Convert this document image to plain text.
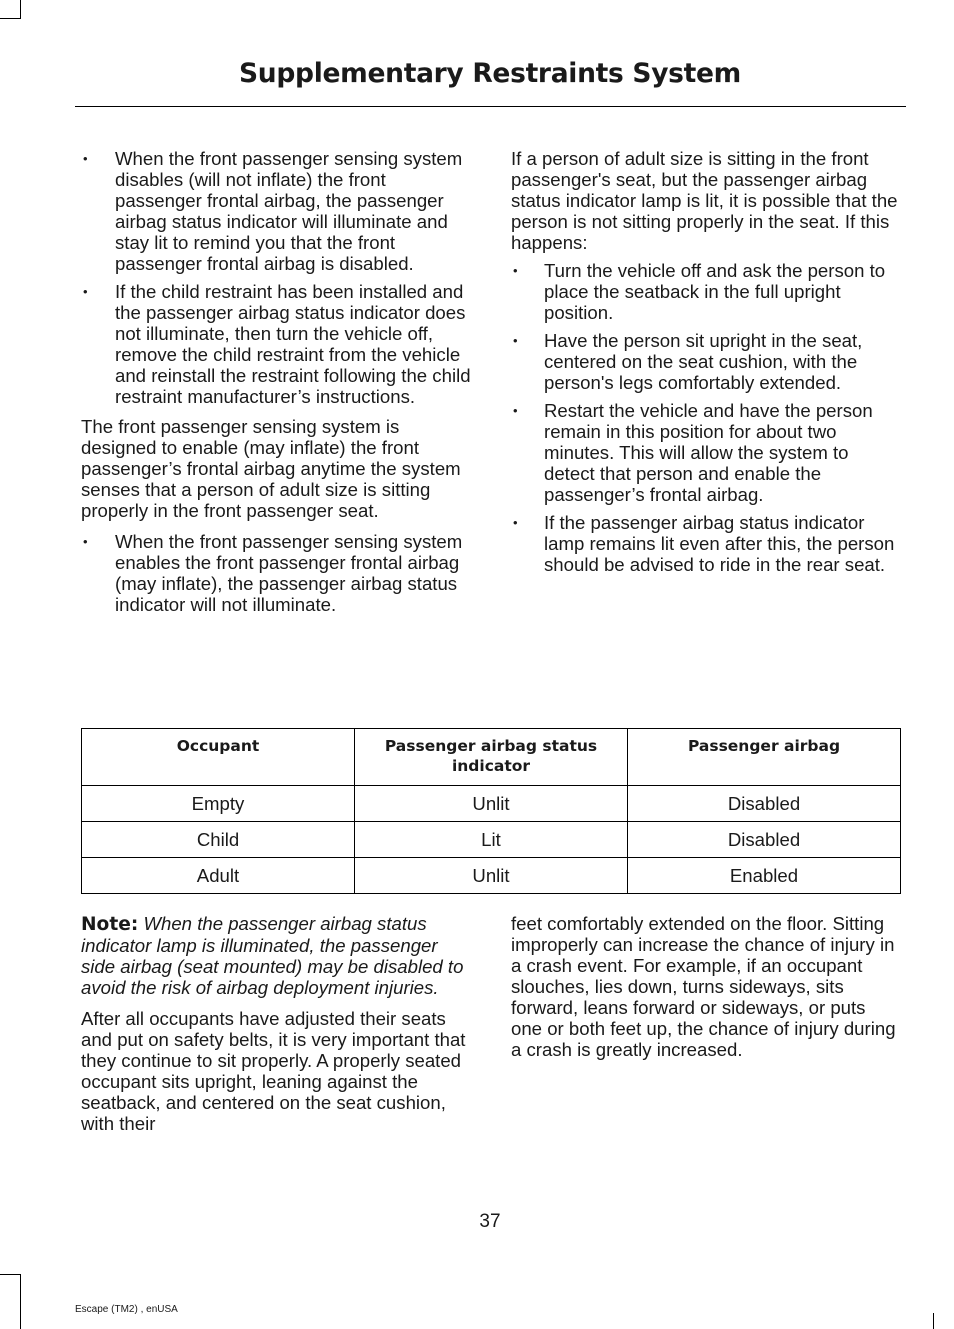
Supplementary Restraints System
• When the front passenger sensing system disables (will not inflate) the front passenger frontal airbag, the passenger airbag status indicator will illuminate and stay lit to remind you that the front passenger frontal airbag is disabled.
• If the child restraint has been installed and the passenger airbag status indicator does not illuminate, then turn the vehicle off, remove the child restraint from the vehicle and reinstall the restraint following the child restraint manufacturer’s instructions.

The front passenger sensing system is designed to enable (may inflate) the front passenger’s frontal airbag anytime the system senses that a person of adult size is sitting properly in the front passenger seat.

• When the front passenger sensing system enables the front passenger frontal airbag (may inflate), the passenger airbag status indicator will not illuminate.

If a person of adult size is sitting in the front passenger's seat, but the passenger airbag status indicator lamp is lit, it is possible that the person is not sitting properly in the seat. If this happens:

• Turn the vehicle off and ask the person to place the seatback in the full upright position.
• Have the person sit upright in the seat, centered on the seat cushion, with the person's legs comfortably extended.
• Restart the vehicle and have the person remain in this position for about two minutes. This will allow the system to detect that person and enable the passenger’s frontal airbag.
• If the passenger airbag status indicator lamp remains lit even after this, the person should be advised to ride in the rear seat.
Occupant	Passenger airbag status indicator	Passenger airbag
Empty	Unlit	Disabled
Child	Lit	Disabled
Adult	Unlit	Enabled

Note: When the passenger airbag status indicator lamp is illuminated, the passenger side airbag (seat mounted) may be disabled to avoid the risk of airbag deployment injuries.

After all occupants have adjusted their seats and put on safety belts, it is very important that they continue to sit properly. A properly seated occupant sits upright, leaning against the seatback, and centered on the seat cushion, with their

feet comfortably extended on the floor. Sitting improperly can increase the chance of injury in a crash event. For example, if an occupant slouches, lies down, turns sideways, sits forward, leans forward or sideways, or puts one or both feet up, the chance of injury during a crash is greatly increased.

37
Escape (TM2) , enUSA
